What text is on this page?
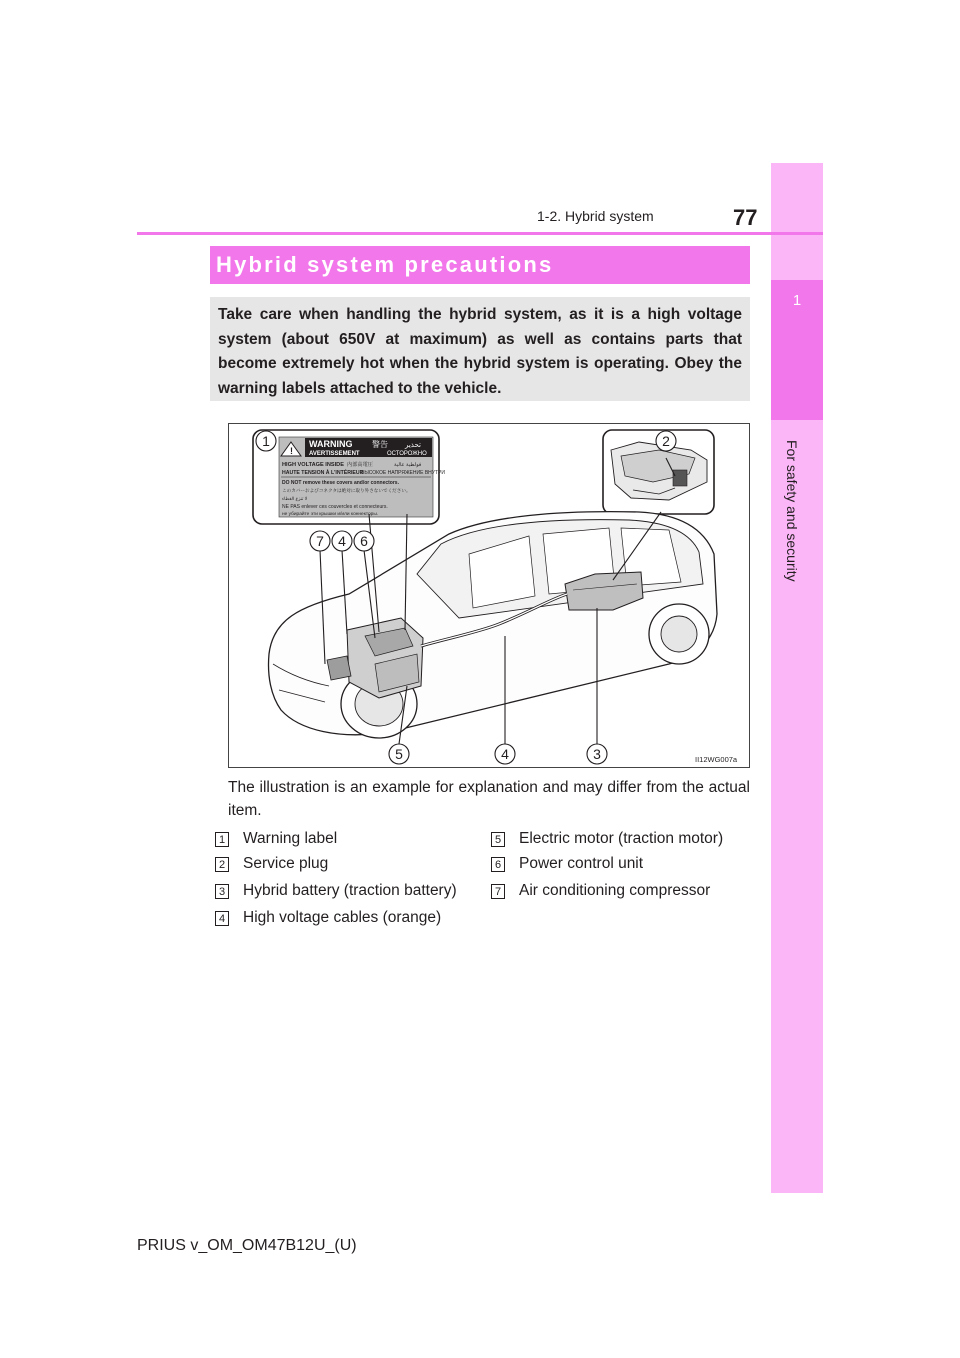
1
For safety and security
1-2. Hybrid system	77
Hybrid system precautions
Take care when handling the hybrid system, as it is a high voltage system (about 650V at maximum) as well as contains parts that become extremely hot when the hybrid system is operating. Obey the warning labels attached to the vehicle.
!
WARNING 警告 تحذير
AVERTISSEMENT	ОСТОРОЖНО
HIGH VOLTAGE INSIDE 内部高電圧	فولطية عالية
HAUTE TENSION À L'INTÉRIEUR
ВЫСОКОЕ НАПРЯЖЕНИЕ ВНУТРИ
DO NOT remove these covers and/or connectors.
このカバーおよびコネクタは絶対に取り外さないでください。
لا تنزع الغطاء
NE PAS enlever ces couvercles et connecteurs.
не убирайте эти крышки и/или коннекторы.
1	2
3
4
5
7 4 6
II12WG007a
The illustration is an example for explanation and may differ from the actual item.
1 Warning label
2 Service plug
3 Hybrid battery (traction battery)
4 High voltage cables (orange)
5 Electric motor (traction motor)
6 Power control unit
7 Air conditioning compressor
PRIUS v_OM_OM47B12U_(U)
